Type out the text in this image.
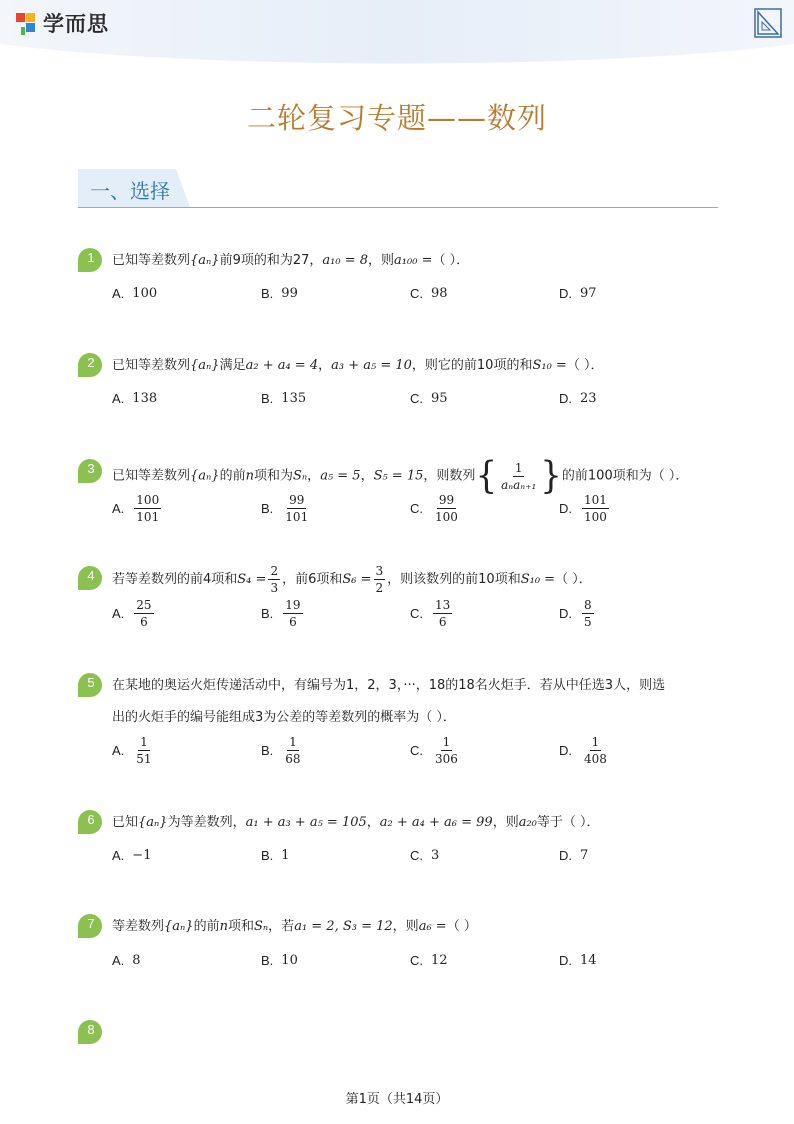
学而思
二轮复习专题——数列
一、选择
1	已知等差数列{aₙ}前9项的和为27，a₁₀ = 8，则a₁₀₀ =（ ）．
A. 100	B. 99	C. 98	D. 97
2	已知等差数列{aₙ}满足a₂ + a₄ = 4，a₃ + a₅ = 10，则它的前10项的和S₁₀ =（ ）．
A. 138	B. 135	C. 95	D. 23
3	已知等差数列{aₙ}的前n项和为Sₙ，a₅ = 5，S₅ = 15，则数列 { $\frac{1}{\text{aₙaₙ₊₁}}$ } 的前100项和为（ ）．
A. $\frac{100}{101}$	B. $\frac{99}{101}$	C. $\frac{99}{100}$	D. $\frac{101}{100}$
4	若等差数列的前4项和$S_4 = \frac{2}{3}$ ，前6项和$S_6 = \frac{3}{2}$ ，则该数列的前10项和S₁₀ =（ ）．
A. $\frac{25}{6}$	B. $\frac{19}{6}$	C. $\frac{13}{6}$	D. $\frac{8}{5}$
5	在某地的奥运火炬传递活动中，有编号为1，2，3，···，18的18名火炬手．若从中任选3人，则选
出的火炬手的编号能组成3为公差的等差数列的概率为（ ）．
A. $\frac{1}{51}$	B. $\frac{1}{68}$	C. $\frac{1}{306}$	D. $\frac{1}{408}$
6	已知{aₙ}为等差数列，a₁ + a₃ + a₅ = 105，a₂ + a₄ + a₆ = 99，则a₂₀等于（ ）．
A. −1	B. 1	C. 3	D. 7
7	等差数列{aₙ}的前n项和Sₙ，若a₁ = 2, S₃ = 12，则a₆ =（ ）
A. 8	B. 10	C. 12	D. 14
8
第1页（共14页）
